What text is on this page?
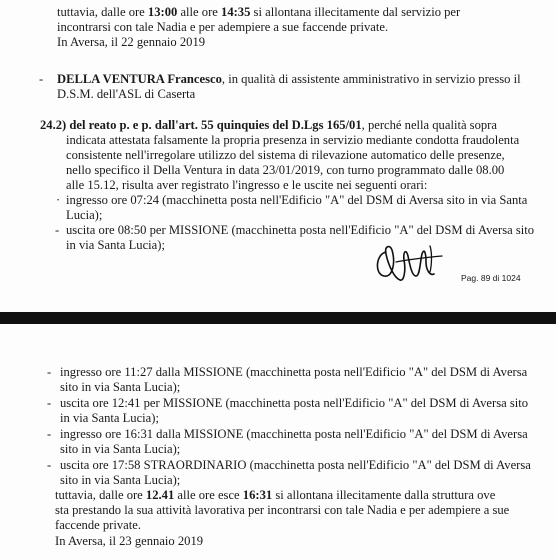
tuttavia, dalle ore 13:00 alle ore 14:35 si allontana illecitamente dal servizio per
incontrarsi con tale Nadia e per adempiere a sue faccende private.
In Aversa, il 22 gennaio 2019
- DELLA VENTURA Francesco, in qualità di assistente amministrativo in servizio presso il
D.S.M. dell'ASL di Caserta
24.2) del reato p. e p. dall'art. 55 quinquies del D.Lgs 165/01, perché nella qualità sopra
indicata attestata falsamente la propria presenza in servizio mediante condotta fraudolenta
consistente nell'irregolare utilizzo del sistema di rilevazione automatico delle presenze,
nello specifico il Della Ventura in data 23/01/2019, con turno programmato dalle 08.00
alle 15.12, risulta aver registrato l'ingresso e le uscite nei seguenti orari:
· ingresso ore 07:24 (macchinetta posta nell'Edificio "A" del DSM di Aversa sito in via Santa
Lucia);
- uscita ore 08:50 per MISSIONE (macchinetta posta nell'Edificio "A" del DSM di Aversa sito
in via Santa Lucia);
Pag. 89 di 1024
- ingresso ore 11:27 dalla MISSIONE (macchinetta posta nell'Edificio "A" del DSM di Aversa
sito in via Santa Lucia);
- uscita ore 12:41 per MISSIONE (macchinetta posta nell'Edificio "A" del DSM di Aversa sito
in via Santa Lucia);
- ingresso ore 16:31 dalla MISSIONE (macchinetta posta nell'Edificio "A" del DSM di Aversa
sito in via Santa Lucia);
- uscita ore 17:58 STRAORDINARIO (macchinetta posta nell'Edificio "A" del DSM di Aversa
sito in via Santa Lucia);
tuttavia, dalle ore 12.41 alle ore esce 16:31 si allontana illecitamente dalla struttura ove
sta prestando la sua attività lavorativa per incontrarsi con tale Nadia e per adempiere a sue
faccende private.
In Aversa, il 23 gennaio 2019
